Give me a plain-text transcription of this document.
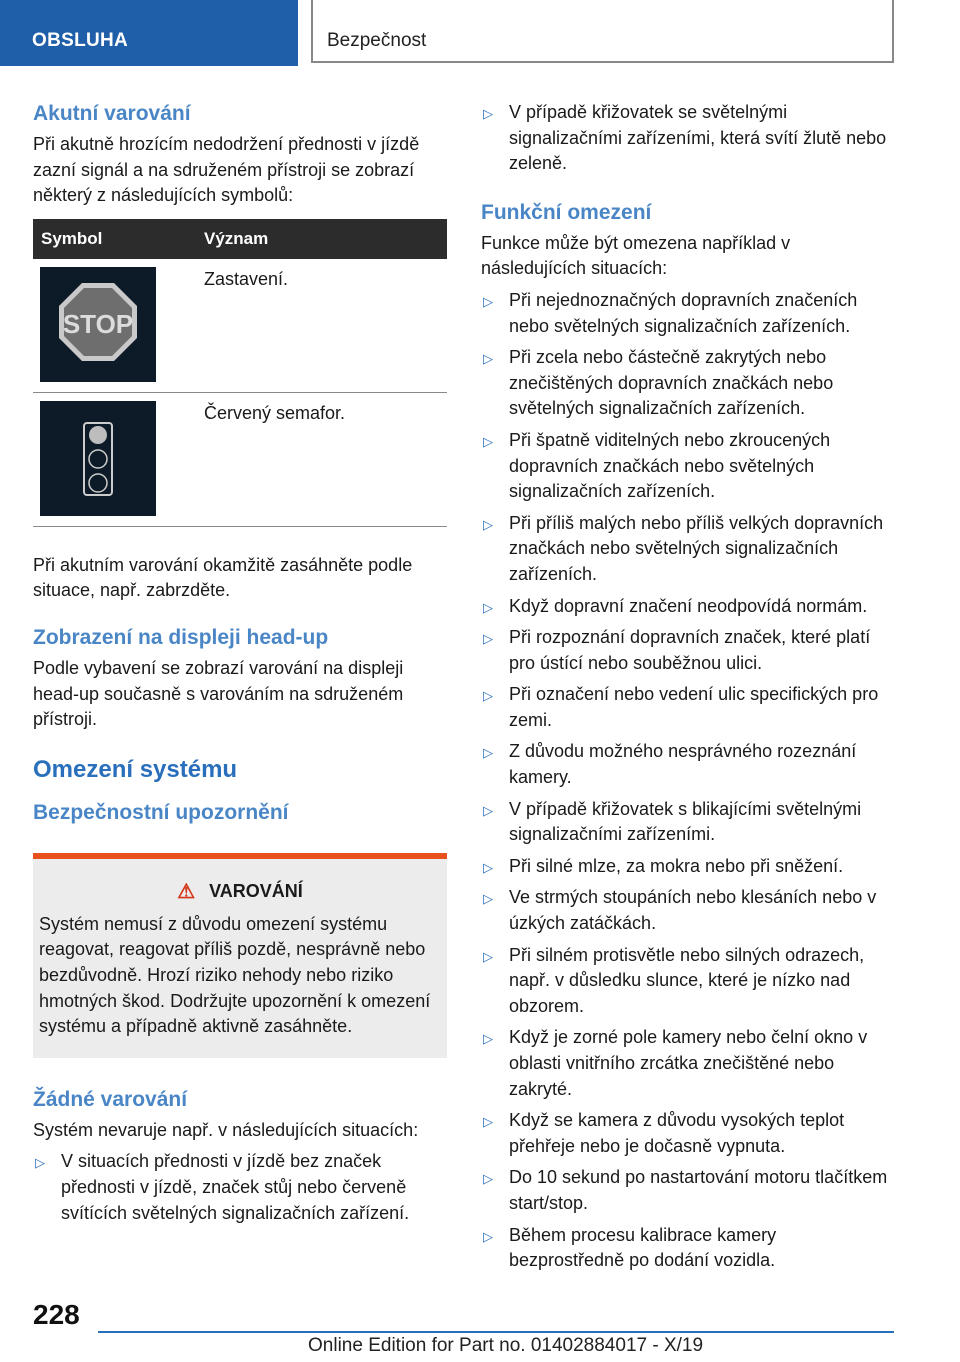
OBSLUHA	Bezpečnost
Akutní varování

Při akutně hrozícím nedodržení přednosti v jízdě zazní signál a na sdruženém přístroji se zobrazí některý z následujících symbolů:

Symbol	Význam

STOP	Zastavení.

	Červený semafor.

Při akutním varování okamžitě zasáhněte podle situace, např. zabrzděte.

Zobrazení na displeji head-up

Podle vybavení se zobrazí varování na displeji head-up současně s varováním na sdruženém přístroji.

Omezení systému
Bezpečnostní upozornění
⚠ VAROVÁNÍ

Systém nemusí z důvodu omezení systému reagovat, reagovat příliš pozdě, nesprávně nebo bezdůvodně. Hrozí riziko nehody nebo riziko hmotných škod. Dodržujte upozornění k omezení systému a případně aktivně zasáhněte.

Žádné varování

Systém nevaruje např. v následujících situacích:

▷ V situacích přednosti v jízdě bez značek přednosti v jízdě, značek stůj nebo červeně svítících světelných signalizačních zařízení.
▷ V případě křižovatek se světelnými signalizačními zařízeními, která svítí žlutě nebo zeleně.
Funkční omezení

Funkce může být omezena například v následujících situacích:

▷ Při nejednoznačných dopravních značeních nebo světelných signalizačních zařízeních.
▷ Při zcela nebo částečně zakrytých nebo znečištěných dopravních značkách nebo světelných signalizačních zařízeních.
▷ Při špatně viditelných nebo zkroucených dopravních značkách nebo světelných signalizačních zařízeních.
▷ Při příliš malých nebo příliš velkých dopravních značkách nebo světelných signalizačních zařízeních.
▷ Když dopravní značení neodpovídá normám.
▷ Při rozpoznání dopravních značek, které platí pro ústící nebo souběžnou ulici.
▷ Při označení nebo vedení ulic specifických pro zemi.
▷ Z důvodu možného nesprávného rozeznání kamery.
▷ V případě křižovatek s blikajícími světelnými signalizačními zařízeními.
▷ Při silné mlze, za mokra nebo při sněžení.
▷ Ve strmých stoupáních nebo klesáních nebo v úzkých zatáčkách.
▷ Při silném protisvětle nebo silných odrazech, např. v důsledku slunce, které je nízko nad obzorem.
▷ Když je zorné pole kamery nebo čelní okno v oblasti vnitřního zrcátka znečištěné nebo zakryté.
▷ Když se kamera z důvodu vysokých teplot přehřeje nebo je dočasně vypnuta.
▷ Do 10 sekund po nastartování motoru tlačítkem start/stop.
▷ Během procesu kalibrace kamery bezprostředně po dodání vozidla.
228
Online Edition for Part no. 01402884017 - X/19
